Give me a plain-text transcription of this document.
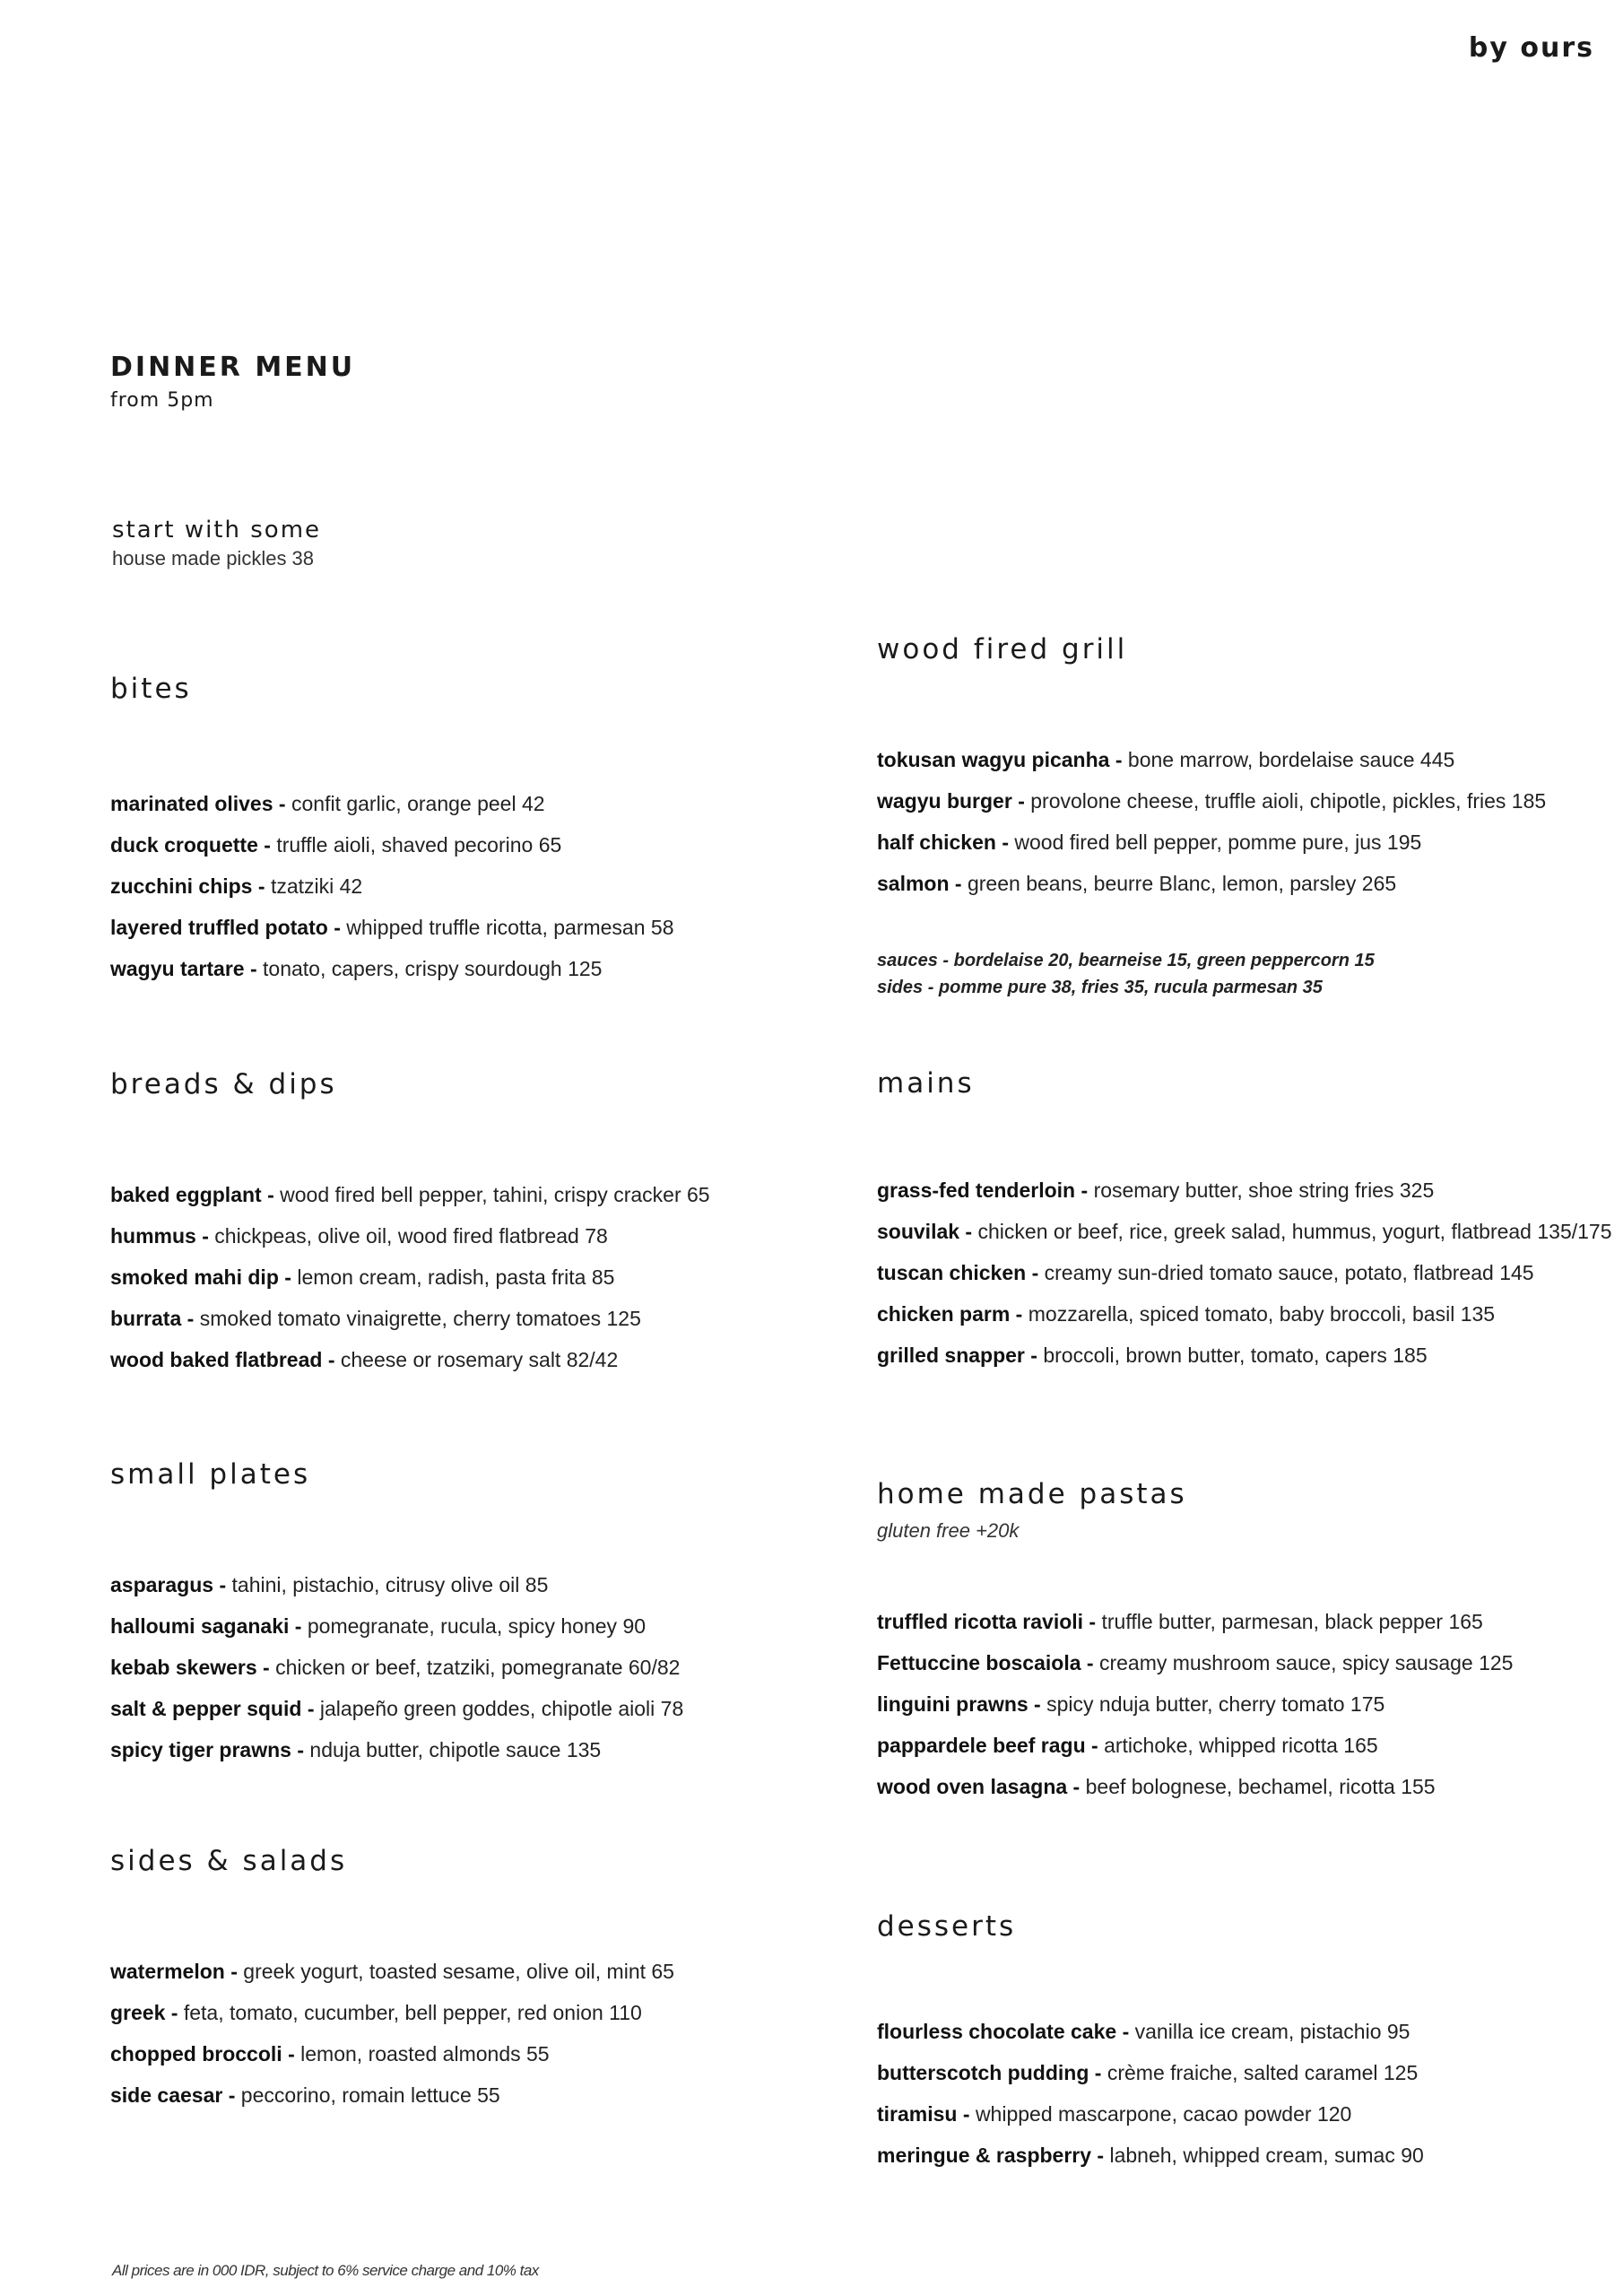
by ours
DINNER MENU
from 5pm
start with some
house made pickles 38
bites
marinated olives - confit garlic, orange peel 42
duck croquette - truffle aioli, shaved pecorino 65
zucchini chips - tzatziki 42
layered truffled potato - whipped truffle ricotta, parmesan 58
wagyu tartare - tonato, capers, crispy sourdough 125
breads & dips
baked eggplant - wood fired bell pepper, tahini, crispy cracker 65
hummus - chickpeas, olive oil, wood fired flatbread 78
smoked mahi dip - lemon cream, radish, pasta frita 85
burrata - smoked tomato vinaigrette, cherry tomatoes 125
wood baked flatbread - cheese or rosemary salt 82/42
small plates
asparagus - tahini, pistachio, citrusy olive oil 85
halloumi saganaki - pomegranate, rucula, spicy honey 90
kebab skewers - chicken or beef, tzatziki, pomegranate 60/82
salt & pepper squid - jalapeño green goddes, chipotle aioli 78
spicy tiger prawns - nduja butter, chipotle sauce 135
sides & salads
watermelon - greek yogurt, toasted sesame, olive oil, mint 65
greek - feta, tomato, cucumber, bell pepper, red onion 110
chopped broccoli - lemon, roasted almonds 55
side caesar - peccorino, romain lettuce 55
wood fired grill
tokusan wagyu picanha - bone marrow, bordelaise sauce 445
wagyu burger - provolone cheese, truffle aioli, chipotle, pickles, fries 185
half chicken - wood fired bell pepper, pomme pure, jus 195
salmon - green beans, beurre Blanc, lemon, parsley 265
sauces - bordelaise 20, bearneise 15, green peppercorn 15
sides - pomme pure 38, fries 35, rucula parmesan 35
mains
grass-fed tenderloin - rosemary butter, shoe string fries 325
souvilak - chicken or beef, rice, greek salad, hummus, yogurt, flatbread 135/175
tuscan chicken - creamy sun-dried tomato sauce, potato, flatbread 145
chicken parm - mozzarella, spiced tomato, baby broccoli, basil 135
grilled snapper - broccoli, brown butter, tomato, capers 185
home made pastas
gluten free +20k
truffled ricotta ravioli - truffle butter, parmesan, black pepper 165
Fettuccine boscaiola - creamy mushroom sauce, spicy sausage 125
linguini prawns - spicy nduja butter, cherry tomato 175
pappardele beef ragu - artichoke, whipped ricotta 165
wood oven lasagna - beef bolognese, bechamel, ricotta 155
desserts
flourless chocolate cake - vanilla ice cream, pistachio 95
butterscotch pudding - crème fraiche, salted caramel 125
tiramisu - whipped mascarpone, cacao powder 120
meringue & raspberry - labneh, whipped cream, sumac 90
All prices are in 000 IDR, subject to 6% service charge and 10% tax
